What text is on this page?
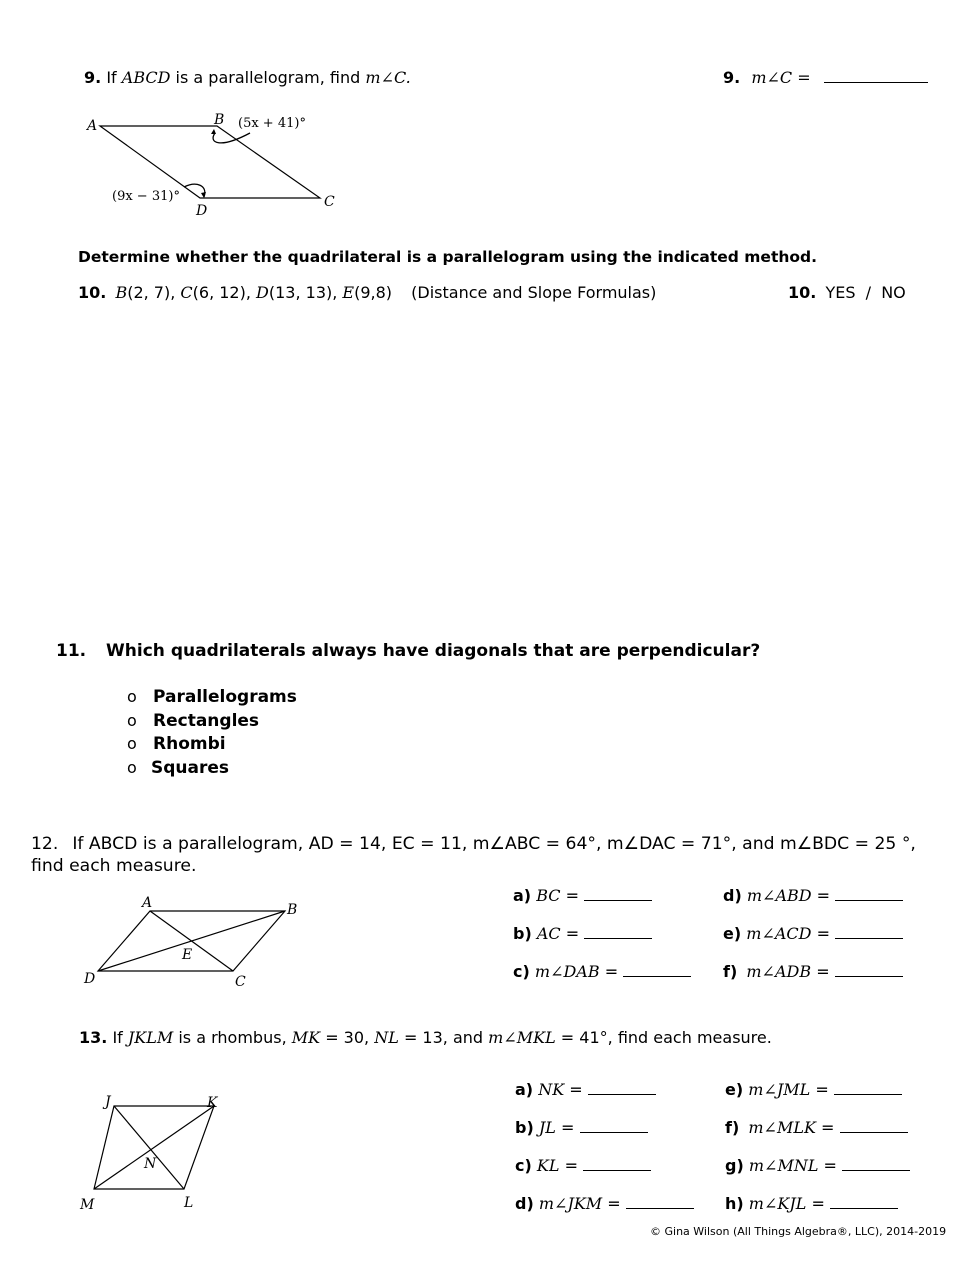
9. If ABCD is a parallelogram, find m∠C.	9. m∠C =
A	B
C
D
(5x + 41)°
(9x − 31)°
Determine whether the quadrilateral is a parallelogram using the indicated method.
10. B(2, 7), C(6, 12), D(13, 13), E(9,8) (Distance and Slope Formulas)	10. YES  /  NO
11. Which quadrilaterals always have diagonals that are perpendicular?
o Parallelograms
o Rectangles
o Rhombi
o Squares
12. If ABCD is a parallelogram, AD = 14, EC = 11, m∠ABC = 64°, m∠DAC = 71°, and m∠BDC = 25 °,
find each measure.
A	B
C
D
E
a) BC =
b) AC =
c) m∠DAB =
d) m∠ABD =
e) m∠ACD =
f) m∠ADB =
13. If JKLM is a rhombus, MK = 30, NL = 13, and m∠MKL = 41°, find each measure.
J	K
L
M
N
a) NK =
b) JL =
c) KL =
d) m∠JKM =
e) m∠JML =
f) m∠MLK =
g) m∠MNL =
h) m∠KJL =
© Gina Wilson (All Things Algebra®, LLC), 2014-2019
